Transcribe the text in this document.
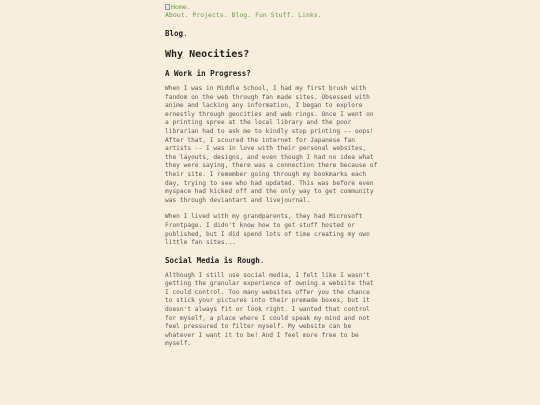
Home.
About. Projects. Blog. Fun Stuff. Links.
Blog.
Why Neocities?
A Work in Progress?

When I was in Middle School, I had my first brush with fandom on the web through fan made sites. Obsessed with anime and lacking any information, I began to explore ernestly through geocities and web rings. Once I went on a printing spree at the local library and the poor librarian had to ask me to kindly stop printing -- oops! After that, I scoured the internet for Japanese fan artists -- I was in love with their personal websites, the layouts, designs, and even though I had no idea what they were saying, there was a connection there because of their site. I remember going through my bookmarks each day, trying to see who had updated. This was before even myspace had kicked off and the only way to get community was through deviantart and livejournal.

When I lived with my grandparents, they had Microsoft Frontpage. I didn't know how to get stuff hosted or published, but I did spend lots of time creating my own little fan sites...

Social Media is Rough.

Although I still use social media, I felt like I wasn't getting the granular experience of owning a website that I could control. Too many websites offer you the chance to stick your pictures into their premade boxes, but it doesn't always fit or look right. I wanted that control for myself, a place where I could speak my mind and not feel pressured to filter myself. My website can be whatever I want it to be! And I feel more free to be myself.
